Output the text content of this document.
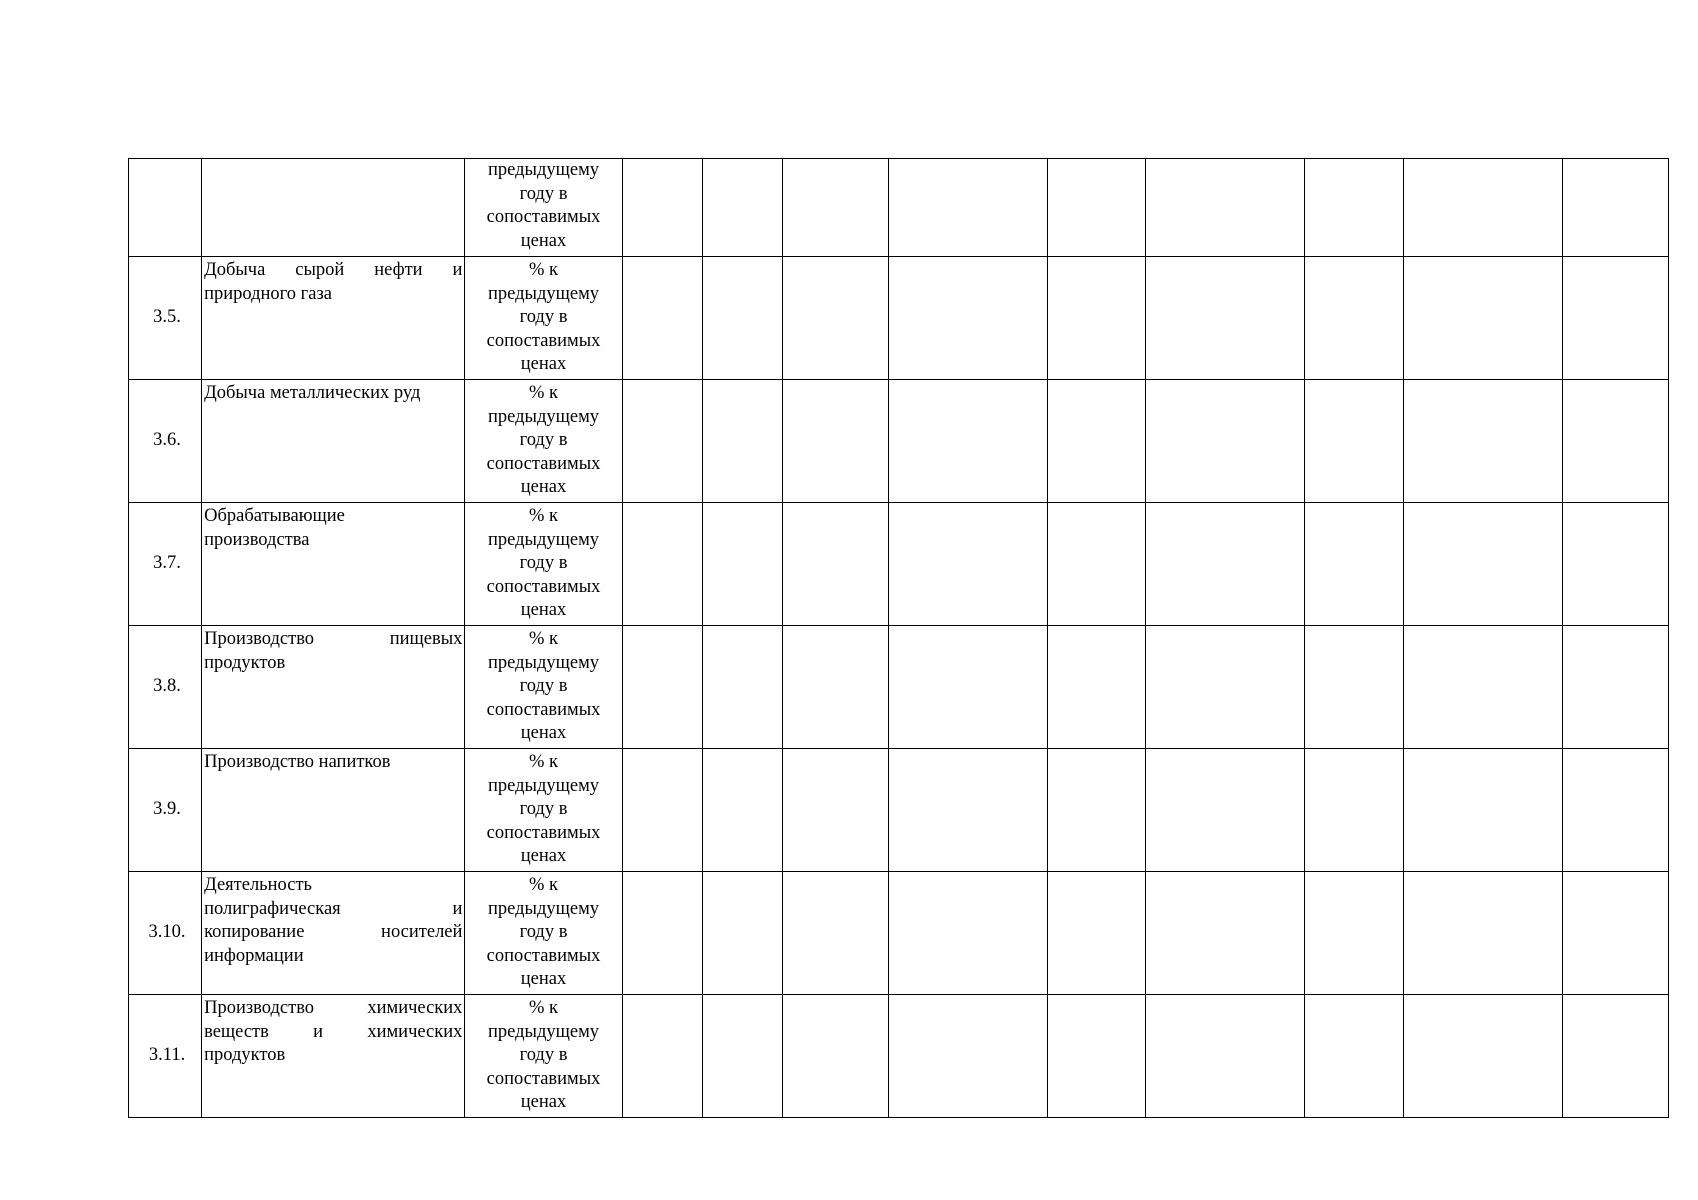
		предыдущему
году в
сопоставимых
ценах									

3.5.	Добыча сырой нефти и
природного газа	% к
предыдущему
году в
сопоставимых
ценах									

3.6.	Добыча металлических руд	% к
предыдущему
году в
сопоставимых
ценах									

3.7.	Обрабатывающие
производства	% к
предыдущему
году в
сопоставимых
ценах									

3.8.	Производство пищевых
продуктов	% к
предыдущему
году в
сопоставимых
ценах									

3.9.	Производство напитков	% к
предыдущему
году в
сопоставимых
ценах									

3.10.	Деятельность
полиграфическая и
копирование носителей
информации	% к
предыдущему
году в
сопоставимых
ценах									

3.11.	Производство химических
веществ и химических
продуктов	% к
предыдущему
году в
сопоставимых
ценах									
